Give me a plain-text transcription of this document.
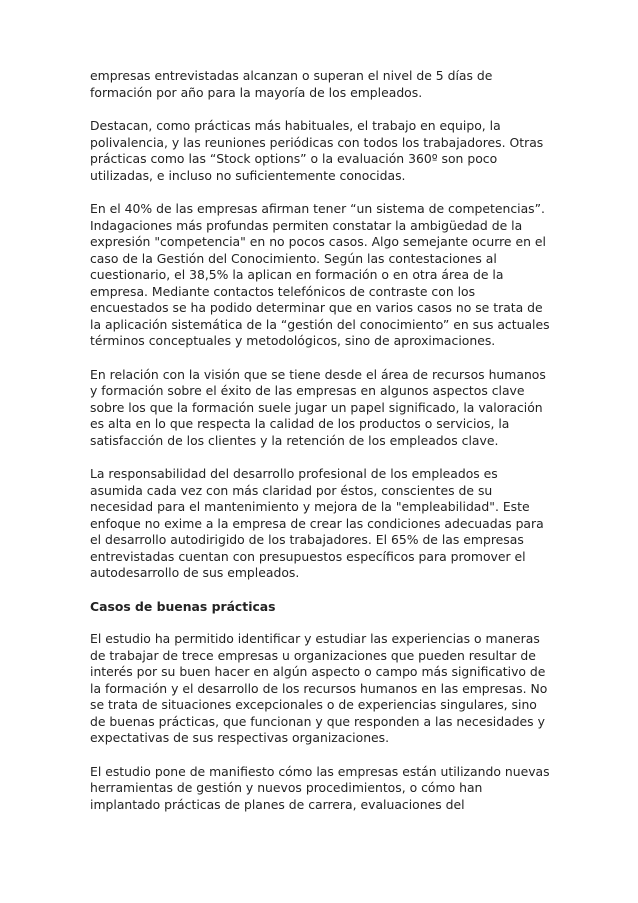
empresas entrevistadas alcanzan o superan el nivel de 5 días de formación por año para la mayoría de los empleados.

Destacan, como prácticas más habituales, el trabajo en equipo, la polivalencia, y las reuniones periódicas con todos los trabajadores. Otras prácticas como las “Stock options” o la evaluación 360º son poco utilizadas, e incluso no suficientemente conocidas.

En el 40% de las empresas afirman tener “un sistema de competencias”. Indagaciones más profundas permiten constatar la ambigüedad de la expresión "competencia" en no pocos casos. Algo semejante ocurre en el caso de la Gestión del Conocimiento. Según las contestaciones al cuestionario, el 38,5% la aplican en formación o en otra área de la empresa. Mediante contactos telefónicos de contraste con los encuestados se ha podido determinar que en varios casos no se trata de la aplicación sistemática de la “gestión del conocimiento” en sus actuales términos conceptuales y metodológicos, sino de aproximaciones.

En relación con la visión que se tiene desde el área de recursos humanos y formación sobre el éxito de las empresas en algunos aspectos clave sobre los que la formación suele jugar un papel significado, la valoración es alta en lo que respecta la calidad de los productos o servicios, la satisfacción de los clientes y la retención de los empleados clave.

La responsabilidad del desarrollo profesional de los empleados es asumida cada vez con más claridad por éstos, conscientes de su necesidad para el mantenimiento y mejora de la "empleabilidad". Este enfoque no exime a la empresa de crear las condiciones adecuadas para el desarrollo autodirigido de los trabajadores. El 65% de las empresas entrevistadas cuentan con presupuestos específicos para promover el autodesarrollo de sus empleados.

Casos de buenas prácticas

El estudio ha permitido identificar y estudiar las experiencias o maneras de trabajar de trece empresas u organizaciones que pueden resultar de interés por su buen hacer en algún aspecto o campo más significativo de la formación y el desarrollo de los recursos humanos en las empresas. No se trata de situaciones excepcionales o de experiencias singulares, sino de buenas prácticas, que funcionan y que responden a las necesidades y expectativas de sus respectivas organizaciones.

El estudio pone de manifiesto cómo las empresas están utilizando nuevas herramientas de gestión y nuevos procedimientos, o cómo han implantado prácticas de planes de carrera, evaluaciones del
